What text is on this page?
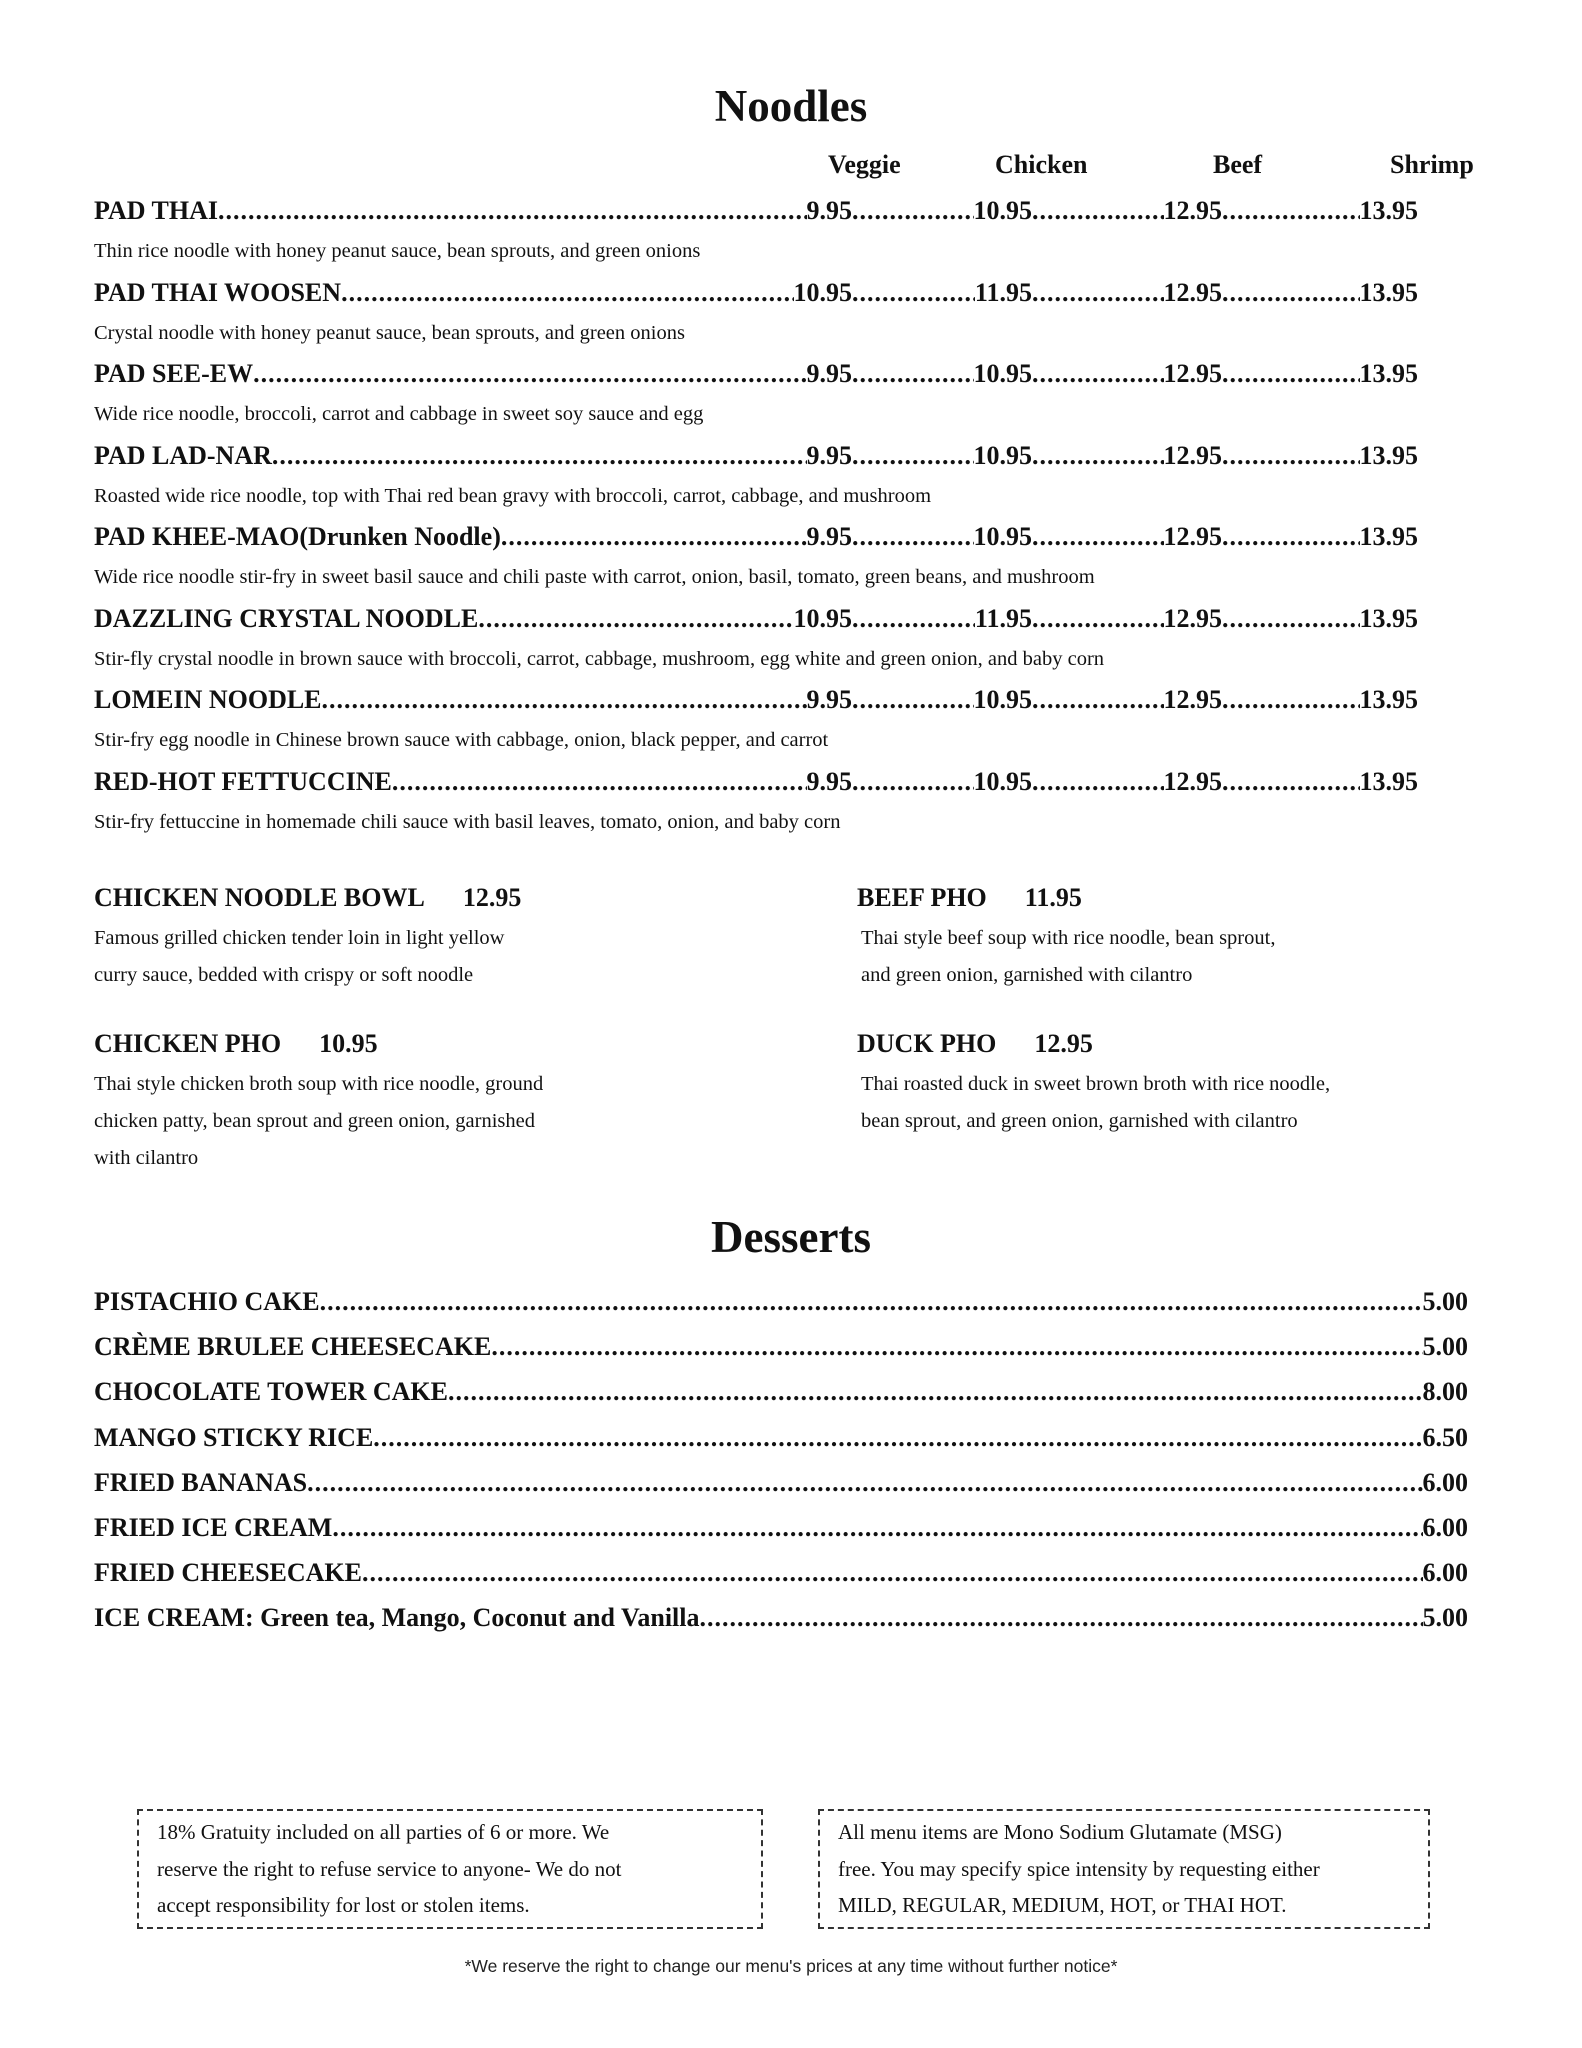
Noodles
Veggie	Chicken	Beef	Shrimp
PAD THAI .....	9.95 .....	10.95 .....	12.95 .....	13.95
Thin rice noodle with honey peanut sauce, bean sprouts, and green onions
PAD THAI WOOSEN .....	10.95 .....	11.95 .....	12.95 .....	13.95
Crystal noodle with honey peanut sauce, bean sprouts, and green onions
PAD SEE-EW .....	9.95 .....	10.95 .....	12.95 .....	13.95
Wide rice noodle, broccoli, carrot and cabbage in sweet soy sauce and egg
PAD LAD-NAR .....	9.95 .....	10.95 .....	12.95 .....	13.95
Roasted wide rice noodle, top with Thai red bean gravy with broccoli, carrot, cabbage, and mushroom
PAD KHEE-MAO(Drunken Noodle) .....	9.95 .....	10.95 .....	12.95 .....	13.95
Wide rice noodle stir-fry in sweet basil sauce and chili paste with carrot, onion, basil, tomato, green beans, and mushroom
DAZZLING CRYSTAL NOODLE .....	10.95 .....	11.95 .....	12.95 .....	13.95
Stir-fly crystal noodle in brown sauce with broccoli, carrot, cabbage, mushroom, egg white and green onion, and baby corn
LOMEIN NOODLE .....	9.95 .....	10.95 .....	12.95 .....	13.95
Stir-fry egg noodle in Chinese brown sauce with cabbage, onion, black pepper, and carrot
RED-HOT FETTUCCINE .....	9.95 .....	10.95 .....	12.95 .....	13.95
Stir-fry fettuccine in homemade chili sauce with basil leaves, tomato, onion, and baby corn
CHICKEN NOODLE BOWL 12.95
Famous grilled chicken tender loin in light yellow
curry sauce, bedded with crispy or soft noodle
BEEF PHO 11.95
Thai style beef soup with rice noodle, bean sprout,
and green onion, garnished with cilantro
CHICKEN PHO 10.95
Thai style chicken broth soup with rice noodle, ground
chicken patty, bean sprout and green onion, garnished
with cilantro
DUCK PHO 12.95
Thai roasted duck in sweet brown broth with rice noodle,
bean sprout, and green onion, garnished with cilantro
Desserts
PISTACHIO CAKE .....	5.00
CRÈME BRULEE CHEESECAKE .....	5.00
CHOCOLATE TOWER CAKE .....	8.00
MANGO STICKY RICE .....	6.50
FRIED BANANAS .....	6.00
FRIED ICE CREAM .....	6.00
FRIED CHEESECAKE .....	6.00
ICE CREAM: Green tea, Mango, Coconut and Vanilla .....	5.00
18% Gratuity included on all parties of 6 or more. We
reserve the right to refuse service to anyone- We do not
accept responsibility for lost or stolen items.
All menu items are Mono Sodium Glutamate (MSG)
free. You may specify spice intensity by requesting either
MILD, REGULAR, MEDIUM, HOT, or THAI HOT.
*We reserve the right to change our menu's prices at any time without further notice*
